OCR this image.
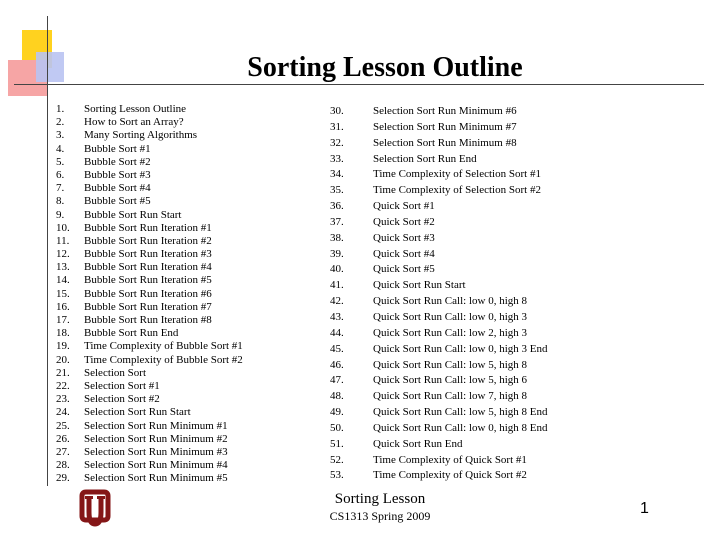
Sorting Lesson Outline
1.	Sorting Lesson Outline
2.	How to Sort an Array?
3.	Many Sorting Algorithms
4.	Bubble Sort #1
5.	Bubble Sort #2
6.	Bubble Sort #3
7.	Bubble Sort #4
8.	Bubble Sort #5
9.	Bubble Sort Run Start
10.	Bubble Sort Run Iteration #1
11.	Bubble Sort Run Iteration #2
12.	Bubble Sort Run Iteration #3
13.	Bubble Sort Run Iteration #4
14.	Bubble Sort Run Iteration #5
15.	Bubble Sort Run Iteration #6
16.	Bubble Sort Run Iteration #7
17.	Bubble Sort Run Iteration #8
18.	Bubble Sort Run End
19.	Time Complexity of Bubble Sort #1
20.	Time Complexity of Bubble Sort #2
21.	Selection Sort
22.	Selection Sort #1
23.	Selection Sort #2
24.	Selection Sort Run Start
25.	Selection Sort Run Minimum #1
26.	Selection Sort Run Minimum #2
27.	Selection Sort Run Minimum #3
28.	Selection Sort Run Minimum #4
29.	Selection Sort Run Minimum #5
30.	Selection Sort Run Minimum #6
31.	Selection Sort Run Minimum #7
32.	Selection Sort Run Minimum #8
33.	Selection Sort Run End
34.	Time Complexity of Selection Sort #1
35.	Time Complexity of Selection Sort #2
36.	Quick Sort #1
37.	Quick Sort #2
38.	Quick Sort #3
39.	Quick Sort #4
40.	Quick Sort #5
41.	Quick Sort Run Start
42.	Quick Sort Run Call: low 0, high 8
43.	Quick Sort Run Call: low 0, high 3
44.	Quick Sort Run Call: low 2, high 3
45.	Quick Sort Run Call: low 0, high 3 End
46.	Quick Sort Run Call: low 5, high 8
47.	Quick Sort Run Call: low 5, high 6
48.	Quick Sort Run Call: low 7, high 8
49.	Quick Sort Run Call: low 5, high 8 End
50.	Quick Sort Run Call: low 0, high 8 End
51.	Quick Sort Run End
52.	Time Complexity of Quick Sort #1
53.	Time Complexity of Quick Sort #2
Sorting Lesson
CS1313 Spring 2009	1
